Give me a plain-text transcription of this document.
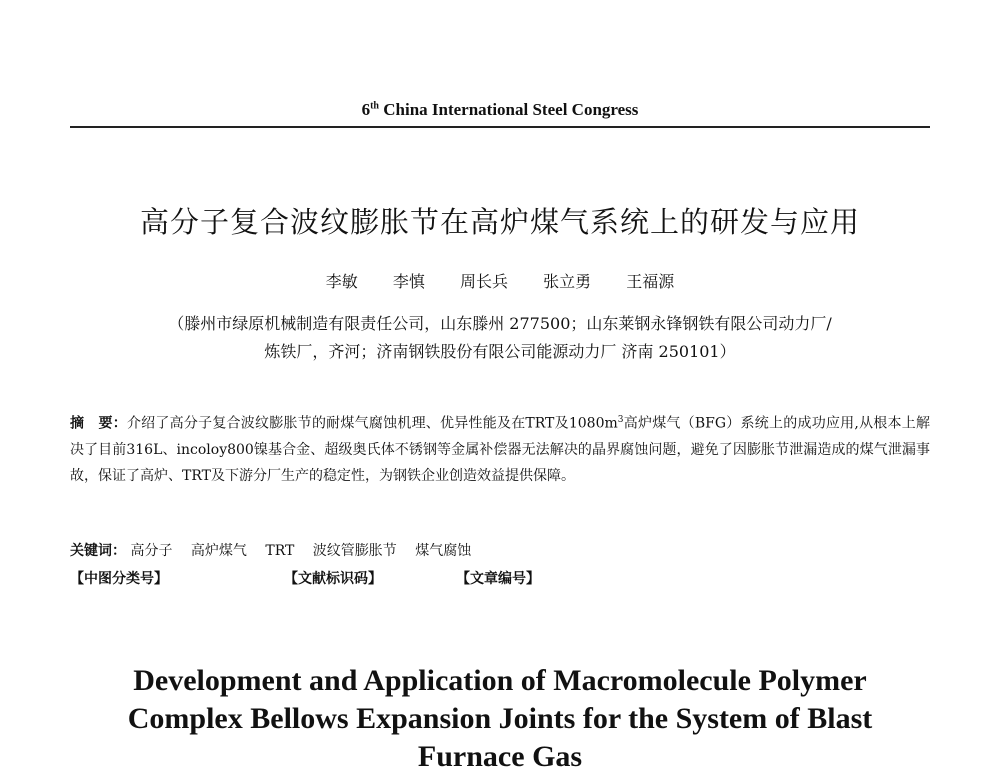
6th China International Steel Congress
高分子复合波纹膨胀节在高炉煤气系统上的研发与应用
李敏 李慎 周长兵 张立勇 王福源
（滕州市绿原机械制造有限责任公司，山东滕州 277500；山东莱钢永锋钢铁有限公司动力厂/
炼铁厂，齐河；济南钢铁股份有限公司能源动力厂 济南 250101）
摘　要：介绍了高分子复合波纹膨胀节的耐煤气腐蚀机理、优异性能及在TRT及$1080m^3$高炉煤气（BFG）系统上的成功应用,从根本上解决了目前316L、incoloy800镍基合金、超级奥氏体不锈钢等金属补偿器无法解决的晶界腐蚀问题，避免了因膨胀节泄漏造成的煤气泄漏事故，保证了高炉、TRT及下游分厂生产的稳定性，为钢铁企业创造效益提供保障。
关键词： 高分子 高炉煤气 TRT 波纹管膨胀节 煤气腐蚀
【中图分类号】	【文献标识码】	【文章编号】
Development and Application of Macromolecule Polymer
Complex Bellows Expansion Joints for the System of Blast
Furnace Gas
